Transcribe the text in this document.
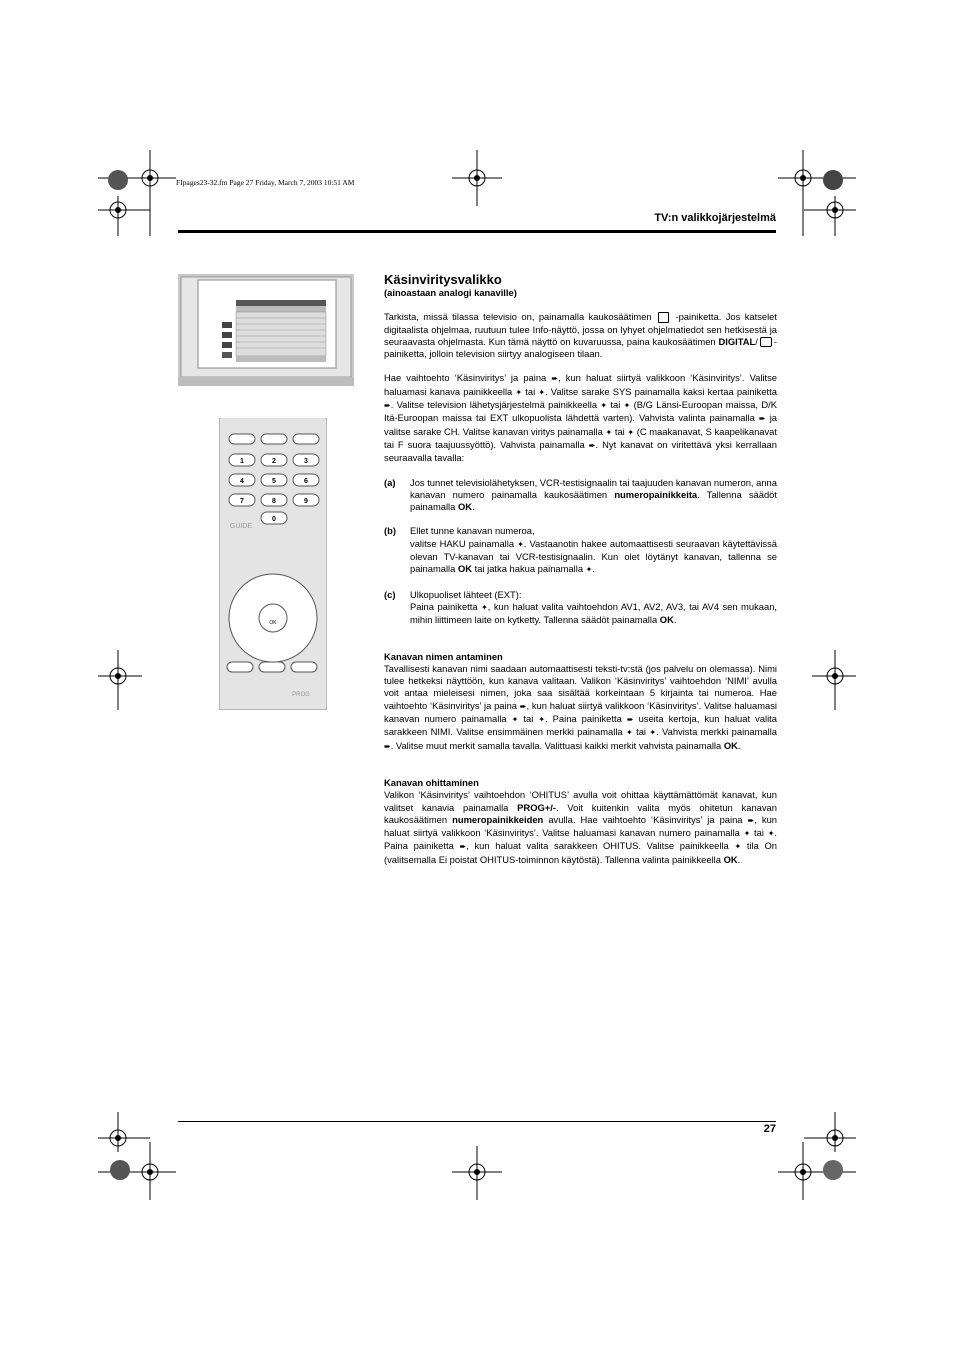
FIpages23-32.fm Page 27 Friday, March 7, 2003 10:51 AM
TV:n valikkojärjestelmä
1	2	3
4	5	6
7	8	9
0
GUIDE
OK
PROG
Käsinviritysvalikko

(ainoastaan analogi kanaville)

Tarkista, missä tilassa televisio on, painamalla kaukosäätimen	-painiketta. Jos katselet digitaalista ohjelmaa, ruutuun tulee Info-näyttö, jossa on lyhyet ohjelmatiedot sen hetkisestä ja seuraavasta ohjelmasta. Kun tämä näyttö on kuvaruussa, paina kaukosäätimen DIGITAL/ -painiketta, jolloin television siirtyy analogiseen tilaan.

Hae vaihtoehto ‘Käsinviritys’ ja paina ➨, kun haluat siirtyä valikkoon ‘Käsinviritys’. Valitse haluamasi kanava painikkeella ✦ tai ✦. Valitse sarake SYS painamalla kaksi kertaa painiketta ➨. Valitse television lähetysjärjestelmä painikkeella ✦ tai ✦ (B/G Länsi-Euroopan maissa, D/K Itä-Euroopan maissa tai EXT ulkopuolista lähdettä varten). Vahvista valinta painamalla ➨ ja valitse sarake CH. Valitse kanavan viritys painamalla ✦ tai ✦ (C maakanavat, S kaapelikanavat tai F suora taajuussyöttö). Vahvista painamalla ➨. Nyt kanavat on viritettävä yksi kerrallaan seuraavalla tavalla:

(a)	Jos tunnet televisiolähetyksen, VCR-testisignaalin tai taajuuden kanavan numeron, anna kanavan numero painamalla kaukosäätimen numeropainikkeita. Tallenna säädöt painamalla OK.

(b)	Ellet tunne kanavan numeroa,

valitse HAKU painamalla ✦. Vastaanotin hakee automaattisesti seuraavan käytettävissä olevan TV-kanavan tai VCR-testisignaalin. Kun olet löytänyt kanavan, tallenna se painamalla OK tai jatka hakua painamalla ✦.

(c)	Ulkopuoliset lähteet (EXT):

Paina painiketta ✦, kun haluat valita vaihtoehdon AV1, AV2, AV3, tai AV4 sen mukaan, mihin liittimeen laite on kytketty. Tallenna säädöt painamalla OK.

Kanavan nimen antaminen

Tavallisesti kanavan nimi saadaan automaattisesti teksti-tv:stä (jos palvelu on olemassa). Nimi tulee hetkeksi näyttöön, kun kanava valitaan. Valikon ‘Käsinviritys’ vaihtoehdon ‘NIMI’ avulla voit antaa mieleisesi nimen, joka saa sisältää korkeintaan 5 kirjainta tai numeroa. Hae vaihtoehto ‘Käsinviritys’ ja paina ➨, kun haluat siirtyä valikkoon ‘Käsinviritys’. Valitse haluamasi kanavan numero painamalla ✦ tai ✦. Paina painiketta ➨ useita kertoja, kun haluat valita sarakkeen NIMI. Valitse ensimmäinen merkki painamalla ✦ tai ✦. Vahvista merkki painamalla ➨. Valitse muut merkit samalla tavalla. Valittuasi kaikki merkit vahvista painamalla OK.

Kanavan ohittaminen

Valikon ‘Käsinviritys’ vaihtoehdon ‘OHITUS’ avulla voit ohittaa käyttämättömät kanavat, kun valitset kanavia painamalla PROG+/-. Voit kuitenkin valita myös ohitetun kanavan kaukosäätimen numeropainikkeiden avulla. Hae vaihtoehto ‘Käsinviritys’ ja paina ➨, kun haluat siirtyä valikkoon ‘Käsinviritys’. Valitse haluamasi kanavan numero painamalla ✦ tai ✦. Paina painiketta ➨, kun haluat valita sarakkeen OHITUS. Valitse painikkeella ✦ tila On (valitsemalla Ei poistat OHITUS-toiminnon käytöstä). Tallenna valinta painikkeella OK.

27
